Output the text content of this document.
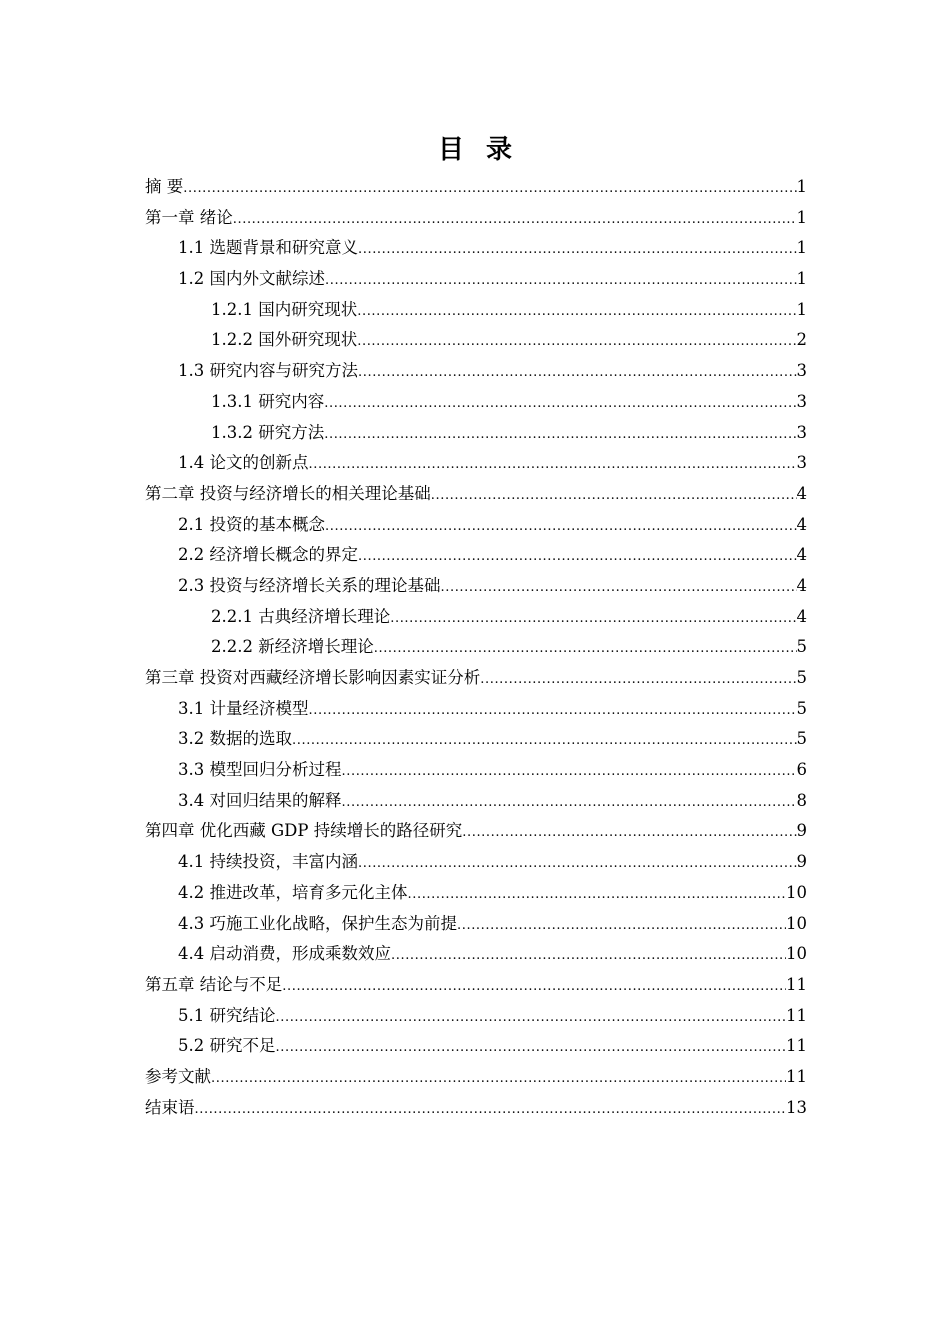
目录
摘 要 .....	1
第一章 绪论 .....	1
1.1 选题背景和研究意义 .....	1
1.2 国内外文献综述 .....	1
1.2.1 国内研究现状 .....	1
1.2.2 国外研究现状 .....	2
1.3 研究内容与研究方法 .....	3
1.3.1 研究内容 .....	3
1.3.2 研究方法 .....	3
1.4 论文的创新点 .....	3
第二章 投资与经济增长的相关理论基础 .....	4
2.1 投资的基本概念 .....	4
2.2 经济增长概念的界定 .....	4
2.3 投资与经济增长关系的理论基础 .....	4
2.2.1 古典经济增长理论 .....	4
2.2.2 新经济增长理论 .....	5
第三章 投资对西藏经济增长影响因素实证分析 .....	5
3.1 计量经济模型 .....	5
3.2 数据的选取 .....	5
3.3 模型回归分析过程 .....	6
3.4 对回归结果的解释 .....	8
第四章 优化西藏 GDP 持续增长的路径研究 .....	9
4.1 持续投资，丰富内涵 .....	9
4.2 推进改革，培育多元化主体 .....	10
4.3 巧施工业化战略，保护生态为前提 .....	10
4.4 启动消费，形成乘数效应 .....	10
第五章 结论与不足 .....	11
5.1 研究结论 .....	11
5.2 研究不足 .....	11
参考文献 .....	11
结束语 .....	13
